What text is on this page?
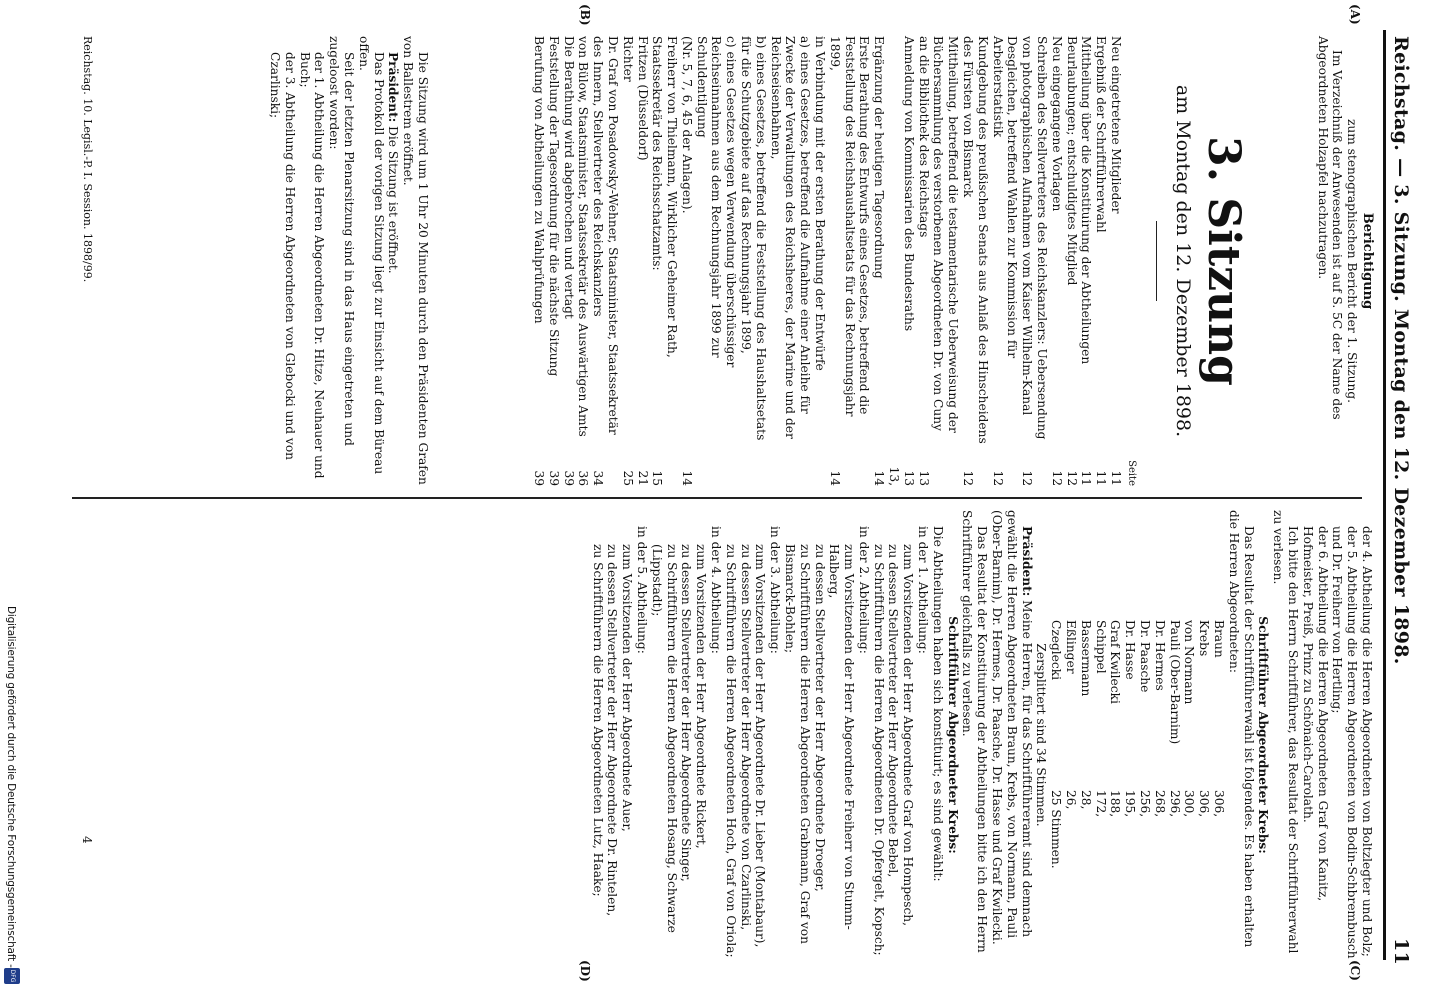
Reichstag. — 3. Sitzung. Montag den 12. Dezember 1898.
11
(A)
(B)
(C)
(D)

Berichtigung

zum stenographischen Bericht der 1. Sitzung.

Im Verzeichniß der Anwesenden ist auf S. 5C der Name des Abgeordneten Holzapfel nachzutragen.

3. Sitzung

am Montag den 12. Dezember 1898.

Seite
Neu eingetretene Mitglieder
11
Ergebniß der Schriftführerwahl
11
Mittheilung über die Konstituirung der Abtheilungen
11
Beurlaubungen; entschuldigtes Mitglied
12
Neu eingegangene Vorlagen
12
Schreiben des Stellvertreters des Reichskanzlers: Uebersendung von photographischen Aufnahmen vom Kaiser Wilhelm-Kanal
12
Desgleichen, betreffend Wahlen zur Kommission für Arbeiterstatistik
12
Kundgebung des preußischen Senats aus Anlaß des Hinscheidens des Fürsten von Bismarck
12
Mittheilung, betreffend die testamentarische Ueberweisung der Büchersammlung des verstorbenen Abgeordneten Dr. von Cuny an die Bibliothek des Reichstags
13
Anmeldung von Kommissarien des Bundesraths
13
Ergänzung der heutigen Tagesordnung
13, 14
Erste Berathung des Entwurfs eines Gesetzes, betreffend die Feststellung des Reichshaushaltsetats für das Rechnungsjahr 1899,
14
in Verbindung mit der ersten Berathung der Entwürfe
a) eines Gesetzes, betreffend die Aufnahme einer Anleihe für Zwecke der Verwaltungen des Reichsheeres, der Marine und der Reichseisenbahnen,
b) eines Gesetzes, betreffend die Feststellung des Haushaltsetats für die Schutzgebiete auf das Rechnungsjahr 1899,
c) eines Gesetzes wegen Verwendung überschüssiger Reichseinnahmen aus dem Rechnungsjahr 1899 zur Schuldentilgung
(Nr. 5, 7, 6, 45 der Anlagen).
14
Freiherr von Thielmann, Wirklicher Geheimer Rath, Staatssekretär des Reichsschatzamts:
15
Fritzen (Düsseldorf)
21
Richter
25
Dr. Graf von Posadowsky-Wehner, Staatsminister, Staatssekretär des Innern, Stellvertreter des Reichskanzlers
34
von Bülow, Staatsminister, Staatssekretär des Auswärtigen Amts
36
Die Berathung wird abgebrochen und vertagt
39
Feststellung der Tagesordnung für die nächste Sitzung
39
Berufung von Abtheilungen zu Wahlprüfungen
39

Die Sitzung wird um 1 Uhr 20 Minuten durch den Präsidenten Grafen von Ballestrem eröffnet.

Präsident: Die Sitzung ist eröffnet.

Das Protokoll der vorigen Sitzung liegt zur Einsicht auf dem Büreau offen.

Seit der letzten Plenarsitzung sind in das Haus eingetreten und zugeloost worden:

der 1. Abtheilung die Herren Abgeordneten Dr. Hitze, Neuhauer und Buch;

der 3. Abtheilung die Herren Abgeordneten von Glebocki und von Czarlinski;

Reichstag. 10. Legisl.-P. I. Session. 1898/99.
4	der 4. Abtheilung die Herren Abgeordneten von Boltzlegter und Bolz;

der 5. Abtheilung die Herren Abgeordneten von Bodin-Schbrembusch und Dr. Freiherr von Hertling;

der 6. Abtheilung die Herren Abgeordneten Graf von Kanitz, Hofmeister, Preiß, Prinz zu Schönaich-Carolath.

Ich bitte den Herrn Schriftführer, das Resultat der Schriftführerwahl zu verlesen.

Schriftführer Abgeordneter Krebs:

Das Resultat der Schriftführerwahl ist folgendes. Es haben erhalten die Herren Abgeordneten:

Braun
306,
Krebs
306,
von Normann
300,
Pauli (Ober-Barnim)
296,
Dr. Hermes
268,
Dr. Paasche
256,
Dr. Hasse
195,
Graf Kwilecki
188,
Schippel
172,
Bassermann
28,
Eßlinger
26,
Czeglecki
25 Stimmen.

Zersplittert sind 34 Stimmen.

Präsident: Meine Herren, für das Schriftführeramt sind demnach gewählt die Herren Abgeordneten Braun, Krebs, von Normann, Pauli (Ober-Barnim), Dr. Hermes, Dr. Paasche, Dr. Hasse und Graf Kwilecki.

Das Resultat der Konstituirung der Abtheilungen bitte ich den Herrn Schriftführer gleichfalls zu verlesen.

Schriftführer Abgeordneter Krebs:

Die Abtheilungen haben sich konstituirt; es sind gewählt:

in der 1. Abtheilung:

zum Vorsitzenden der Herr Abgeordnete Graf von Hompesch,

zu dessen Stellvertreter der Herr Abgeordnete Bebel,

zu Schriftführern die Herren Abgeordneten Dr. Opfergelt, Kopsch;

in der 2. Abtheilung:

zum Vorsitzenden der Herr Abgeordnete Freiherr von Stumm-Halberg,

zu dessen Stellvertreter der Herr Abgeordnete Droeger,

zu Schriftführern die Herren Abgeordneten Grabmann, Graf von Bismarck-Bohlen;

in der 3. Abtheilung:

zum Vorsitzenden der Herr Abgeordnete Dr. Lieber (Montabaur),

zu dessen Stellvertreter der Herr Abgeordnete von Czarlinski,

zu Schriftführern die Herren Abgeordneten Hoch, Graf von Oriola;

in der 4. Abtheilung:

zum Vorsitzenden der Herr Abgeordnete Rickert,

zu dessen Stellvertreter der Herr Abgeordnete Singer,

zu Schriftführern die Herren Abgeordneten Hosang, Schwarze (Lippstadt);

in der 5. Abtheilung:

zum Vorsitzenden der Herr Abgeordnete Auer,

zu dessen Stellvertreter der Herr Abgeordnete Dr. Rintelen,

zu Schriftführern die Herren Abgeordneten Lutz, Haake;

Digitalisierung gefördert durch die Deutsche Forschungsgemeinschaft -
DFG
